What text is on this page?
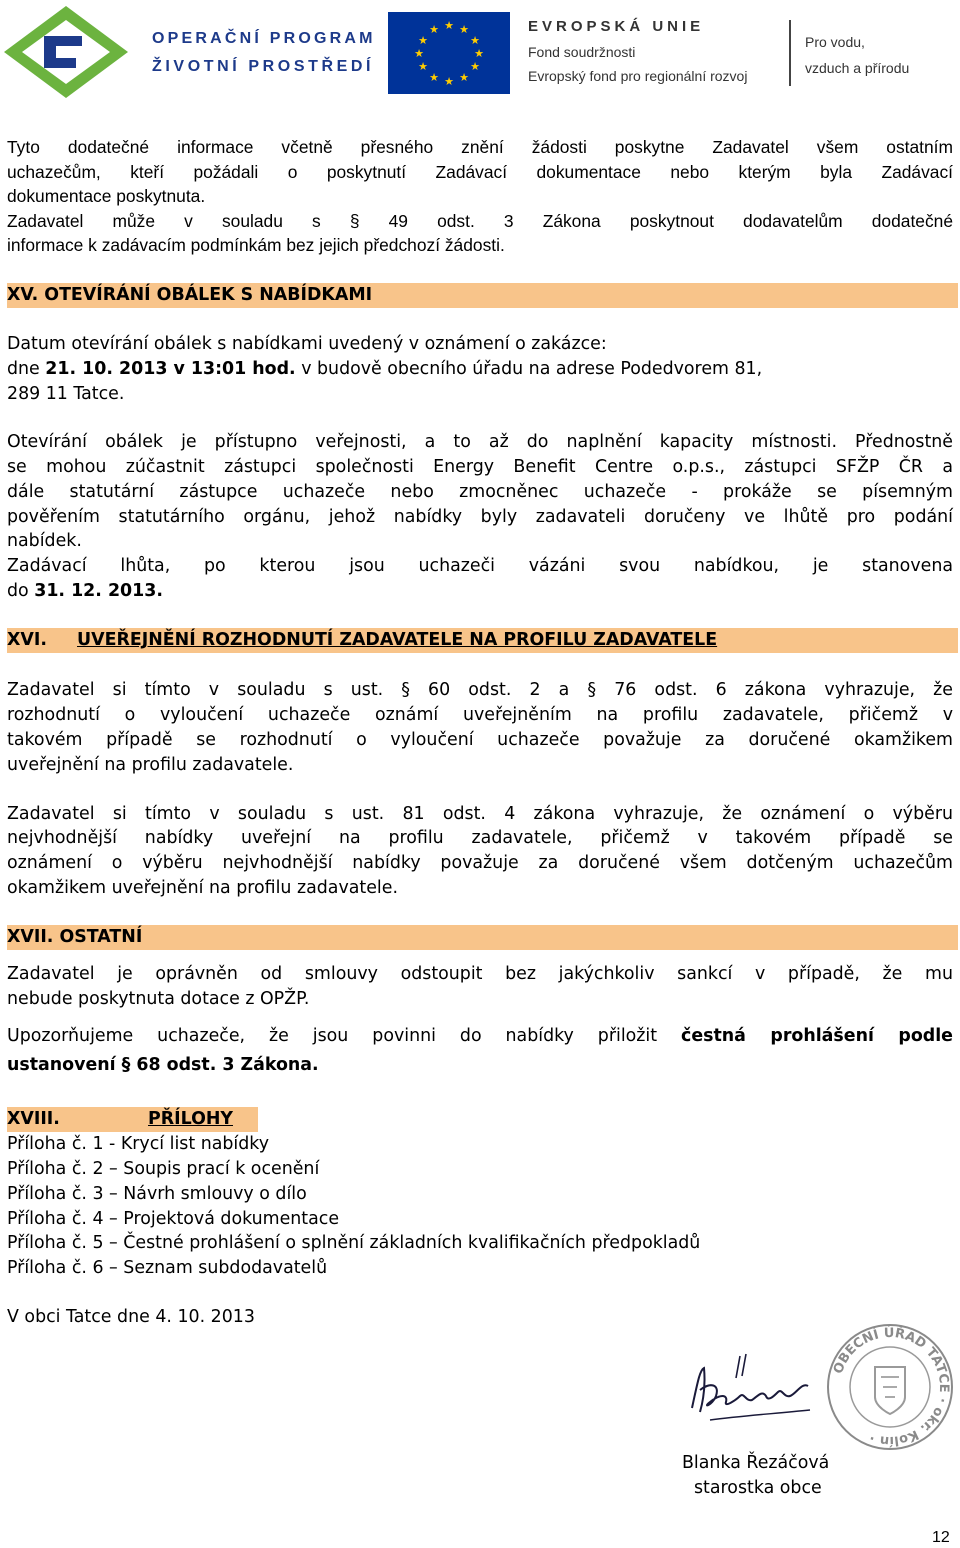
OPERAČNÍ PROGRAM
ŽIVOTNÍ PROSTŘEDÍ
★ ★
★
★
★
★
★
★
★
★
★
★	EVROPSKÁ UNIE
Fond soudržnosti
Evropský fond pro regionální rozvoj
Pro vodu,
vzduch a přírodu
Tyto dodatečné informace včetně přesného znění žádosti poskytne Zadavatel všem ostatním
uchazečům, kteří požádali o poskytnutí Zadávací dokumentace nebo kterým byla Zadávací
dokumentace poskytnuta.
Zadavatel může v souladu s § 49 odst. 3 Zákona poskytnout dodavatelům dodatečné
informace k zadávacím podmínkám bez jejich předchozí žádosti.
XV. OTEVÍRÁNÍ OBÁLEK S NABÍDKAMI
Datum otevírání obálek s nabídkami uvedený v oznámení o zakázce:
dne 21. 10. 2013 v 13:01 hod. v budově obecního úřadu na adrese Podedvorem 81,
289 11 Tatce.
Otevírání obálek je přístupno veřejnosti, a to až do naplnění kapacity místnosti. Přednostně
se mohou zúčastnit zástupci společnosti Energy Benefit Centre o.p.s., zástupci SFŽP ČR a
dále statutární zástupce uchazeče nebo zmocněnec uchazeče - prokáže se písemným
pověřením statutárního orgánu, jehož nabídky byly zadavateli doručeny ve lhůtě pro podání
nabídek.
Zadávací lhůta, po kterou jsou uchazeči vázáni svou nabídkou, je stanovena
do 31. 12. 2013.
XVI. UVEŘEJNĚNÍ ROZHODNUTÍ ZADAVATELE NA PROFILU ZADAVATELE
Zadavatel si tímto v souladu s ust. § 60 odst. 2 a § 76 odst. 6 zákona vyhrazuje, že
rozhodnutí o vyloučení uchazeče oznámí uveřejněním na profilu zadavatele, přičemž v
takovém případě se rozhodnutí o vyloučení uchazeče považuje za doručené okamžikem
uveřejnění na profilu zadavatele.
Zadavatel si tímto v souladu s ust. 81 odst. 4 zákona vyhrazuje, že oznámení o výběru
nejvhodnější nabídky uveřejní na profilu zadavatele, přičemž v takovém případě se
oznámení o výběru nejvhodnější nabídky považuje za doručené všem dotčeným uchazečům
okamžikem uveřejnění na profilu zadavatele.
XVII. OSTATNÍ
Zadavatel je oprávněn od smlouvy odstoupit bez jakýchkoliv sankcí v případě, že mu
nebude poskytnuta dotace z OPŽP.
Upozorňujeme uchazeče, že jsou povinni do nabídky přiložit čestná prohlášení podle
ustanovení § 68 odst. 3 Zákona.
XVIII.	PŘÍLOHY
Příloha č. 1 - Krycí list nabídky
Příloha č. 2 – Soupis prací k ocenění
Příloha č. 3 – Návrh smlouvy o dílo
Příloha č. 4 – Projektová dokumentace
Příloha č. 5 – Čestné prohlášení o splnění základních kvalifikačních předpokladů
Příloha č. 6 – Seznam subdodavatelů
V obci Tatce dne 4. 10. 2013
OBECNÍ ÚŘAD TATCE · okr. Kolín ·
Blanka Řezáčová
starostka obce
12
